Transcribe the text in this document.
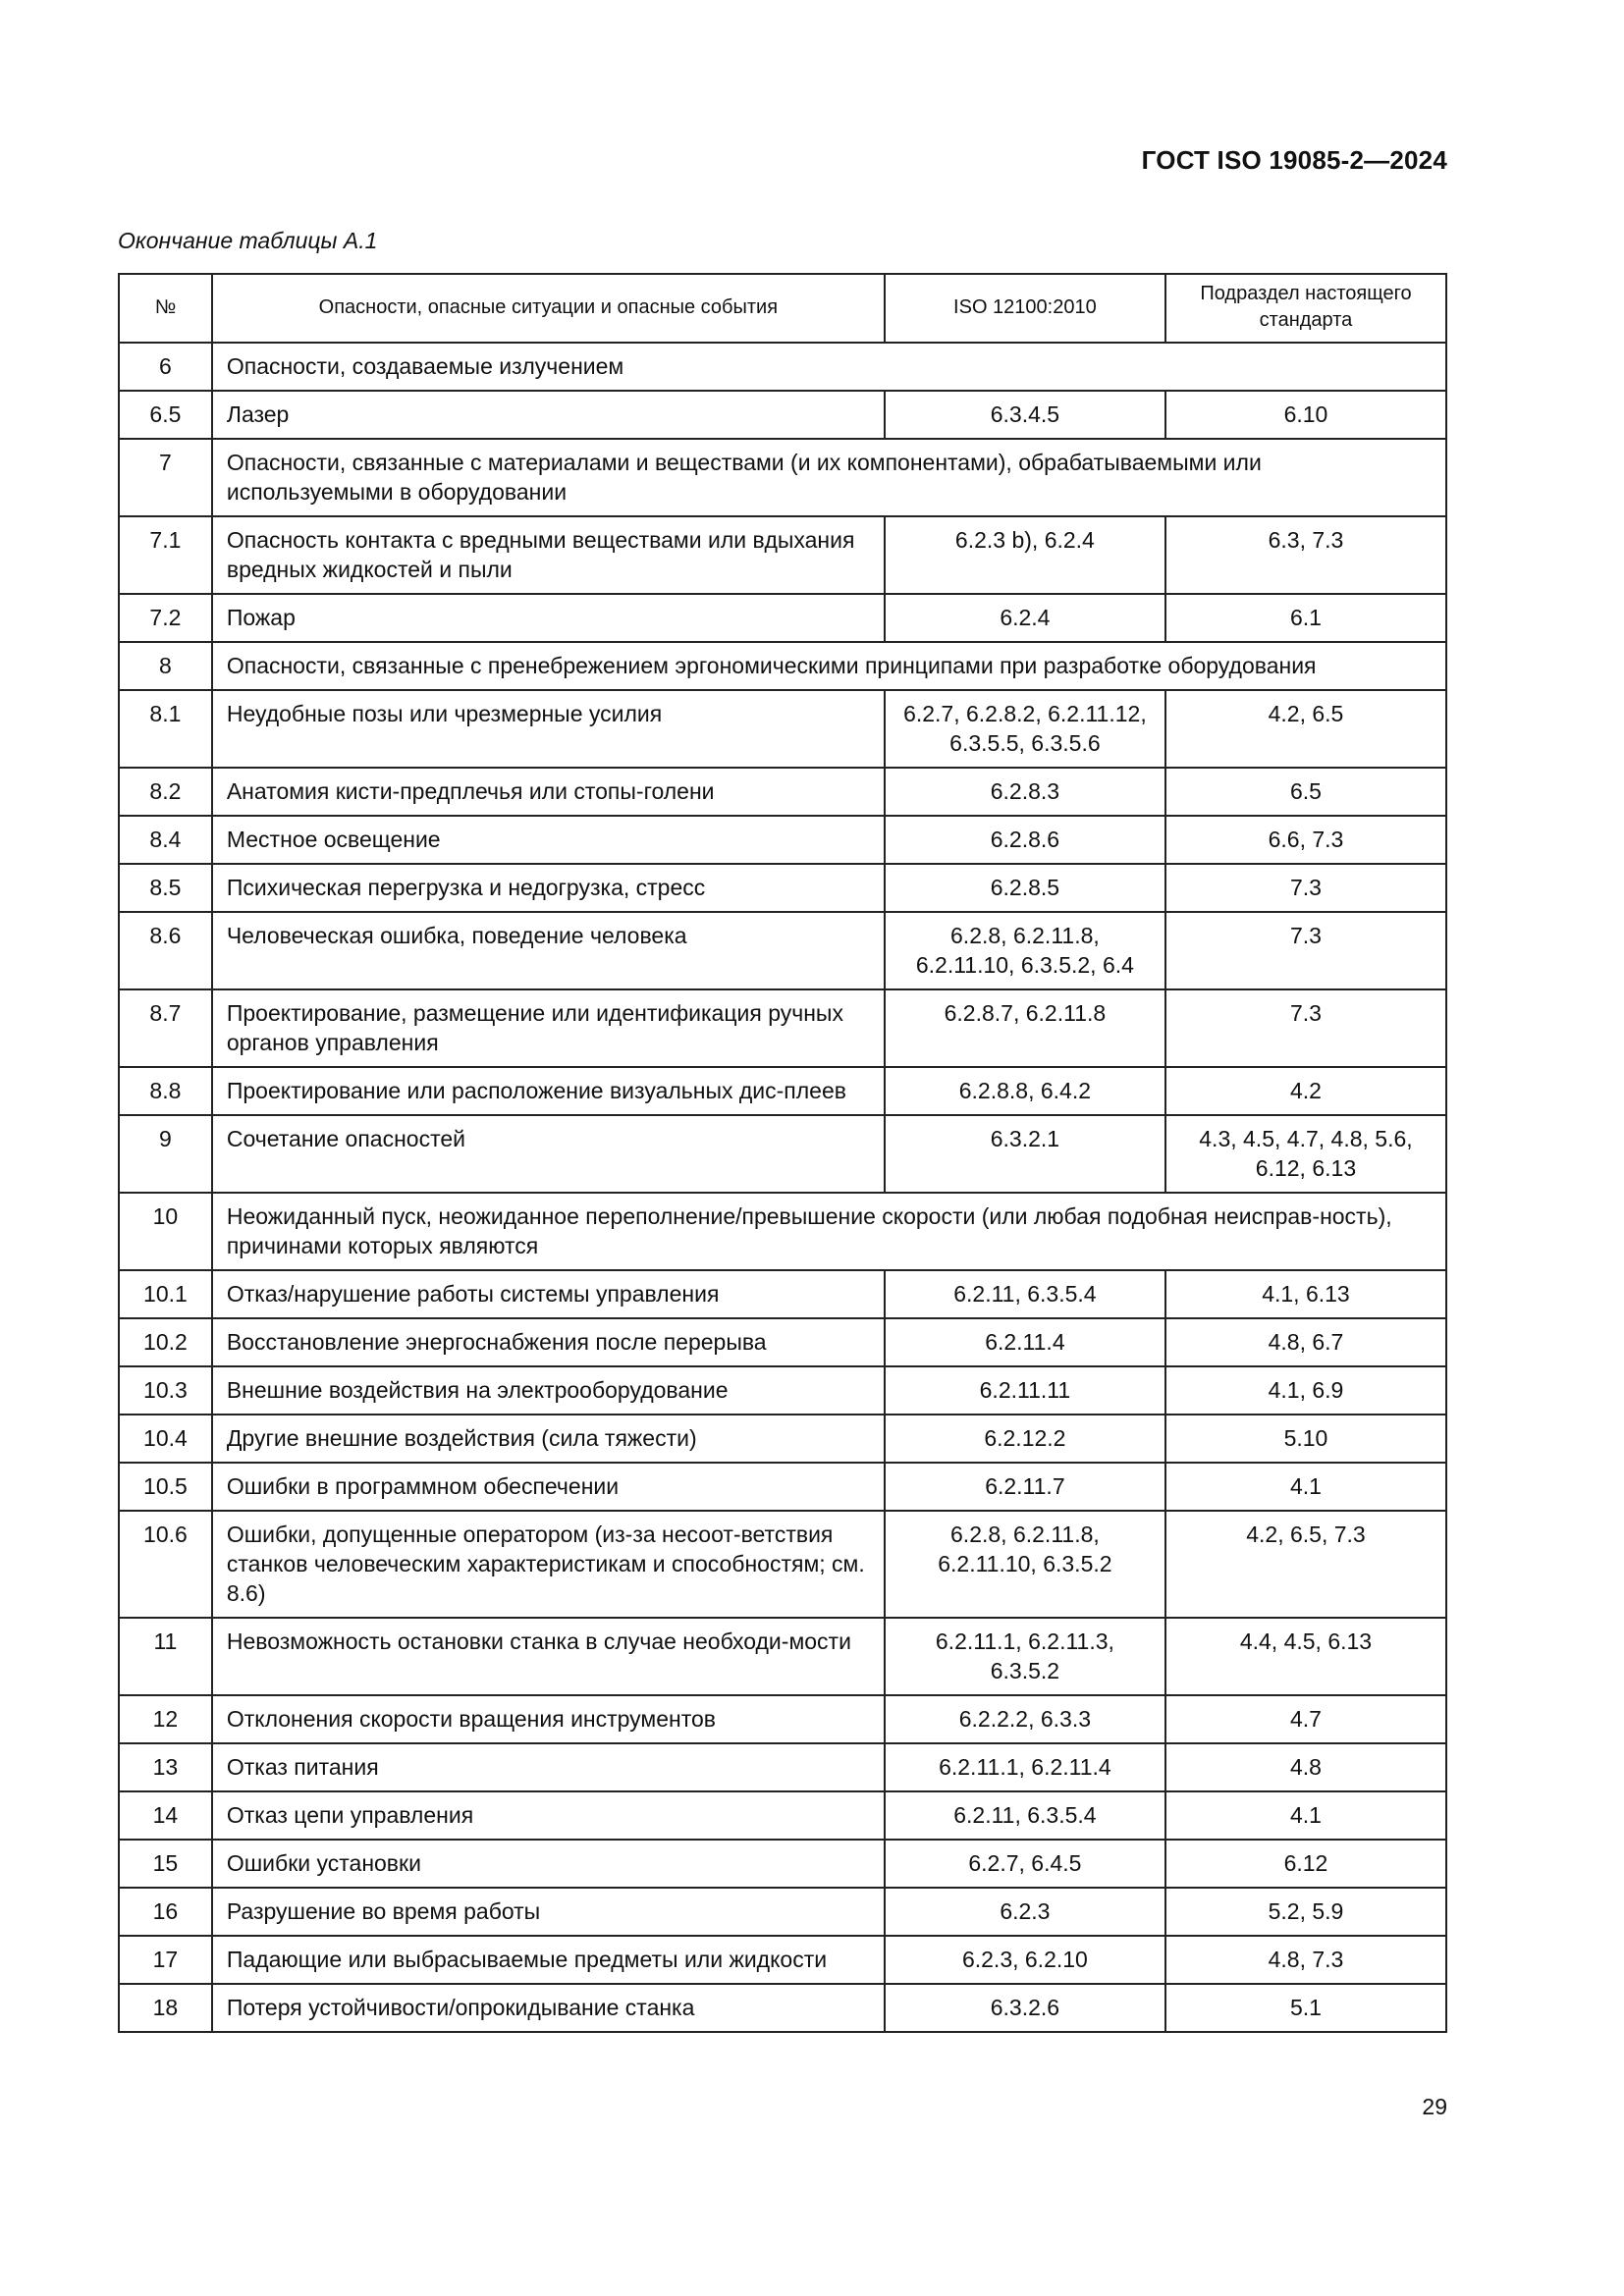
ГОСТ ISO 19085-2—2024
Окончание таблицы А.1
№	Опасности, опасные ситуации и опасные события	ISO 12100:2010	Подраздел настоящего стандарта
6	Опасности, создаваемые излучением		
6.5	Лазер	6.3.4.5	6.10
7	Опасности, связанные с материалами и веществами (и их компонентами), обрабатываемыми или используемыми в оборудовании		
7.1	Опасность контакта с вредными веществами или вдыхания вредных жидкостей и пыли	6.2.3 b), 6.2.4	6.3, 7.3
7.2	Пожар	6.2.4	6.1
8	Опасности, связанные с пренебрежением эргономическими принципами при разработке оборудования		
8.1	Неудобные позы или чрезмерные усилия	6.2.7, 6.2.8.2, 6.2.11.12, 6.3.5.5, 6.3.5.6	4.2, 6.5
8.2	Анатомия кисти-предплечья или стопы-голени	6.2.8.3	6.5
8.4	Местное освещение	6.2.8.6	6.6, 7.3
8.5	Психическая перегрузка и недогрузка, стресс	6.2.8.5	7.3
8.6	Человеческая ошибка, поведение человека	6.2.8, 6.2.11.8, 6.2.11.10, 6.3.5.2, 6.4	7.3
8.7	Проектирование, размещение или идентификация ручных органов управления	6.2.8.7, 6.2.11.8	7.3
8.8	Проектирование или расположение визуальных дис-плеев	6.2.8.8, 6.4.2	4.2
9	Сочетание опасностей	6.3.2.1	4.3, 4.5, 4.7, 4.8, 5.6, 6.12, 6.13
10	Неожиданный пуск, неожиданное переполнение/превышение скорости (или любая подобная неисправ-ность), причинами которых являются		
10.1	Отказ/нарушение работы системы управления	6.2.11, 6.3.5.4	4.1, 6.13
10.2	Восстановление энергоснабжения после перерыва	6.2.11.4	4.8, 6.7
10.3	Внешние воздействия на электрооборудование	6.2.11.11	4.1, 6.9
10.4	Другие внешние воздействия (сила тяжести)	6.2.12.2	5.10
10.5	Ошибки в программном обеспечении	6.2.11.7	4.1
10.6	Ошибки, допущенные оператором (из-за несоот-ветствия станков человеческим характеристикам и способностям; см. 8.6)	6.2.8, 6.2.11.8, 6.2.11.10, 6.3.5.2	4.2, 6.5, 7.3
11	Невозможность остановки станка в случае необходи-мости	6.2.11.1, 6.2.11.3, 6.3.5.2	4.4, 4.5, 6.13
12	Отклонения скорости вращения инструментов	6.2.2.2, 6.3.3	4.7
13	Отказ питания	6.2.11.1, 6.2.11.4	4.8
14	Отказ цепи управления	6.2.11, 6.3.5.4	4.1
15	Ошибки установки	6.2.7, 6.4.5	6.12
16	Разрушение во время работы	6.2.3	5.2, 5.9
17	Падающие или выбрасываемые предметы или жидкости	6.2.3, 6.2.10	4.8, 7.3
18	Потеря устойчивости/опрокидывание станка	6.3.2.6	5.1
29
